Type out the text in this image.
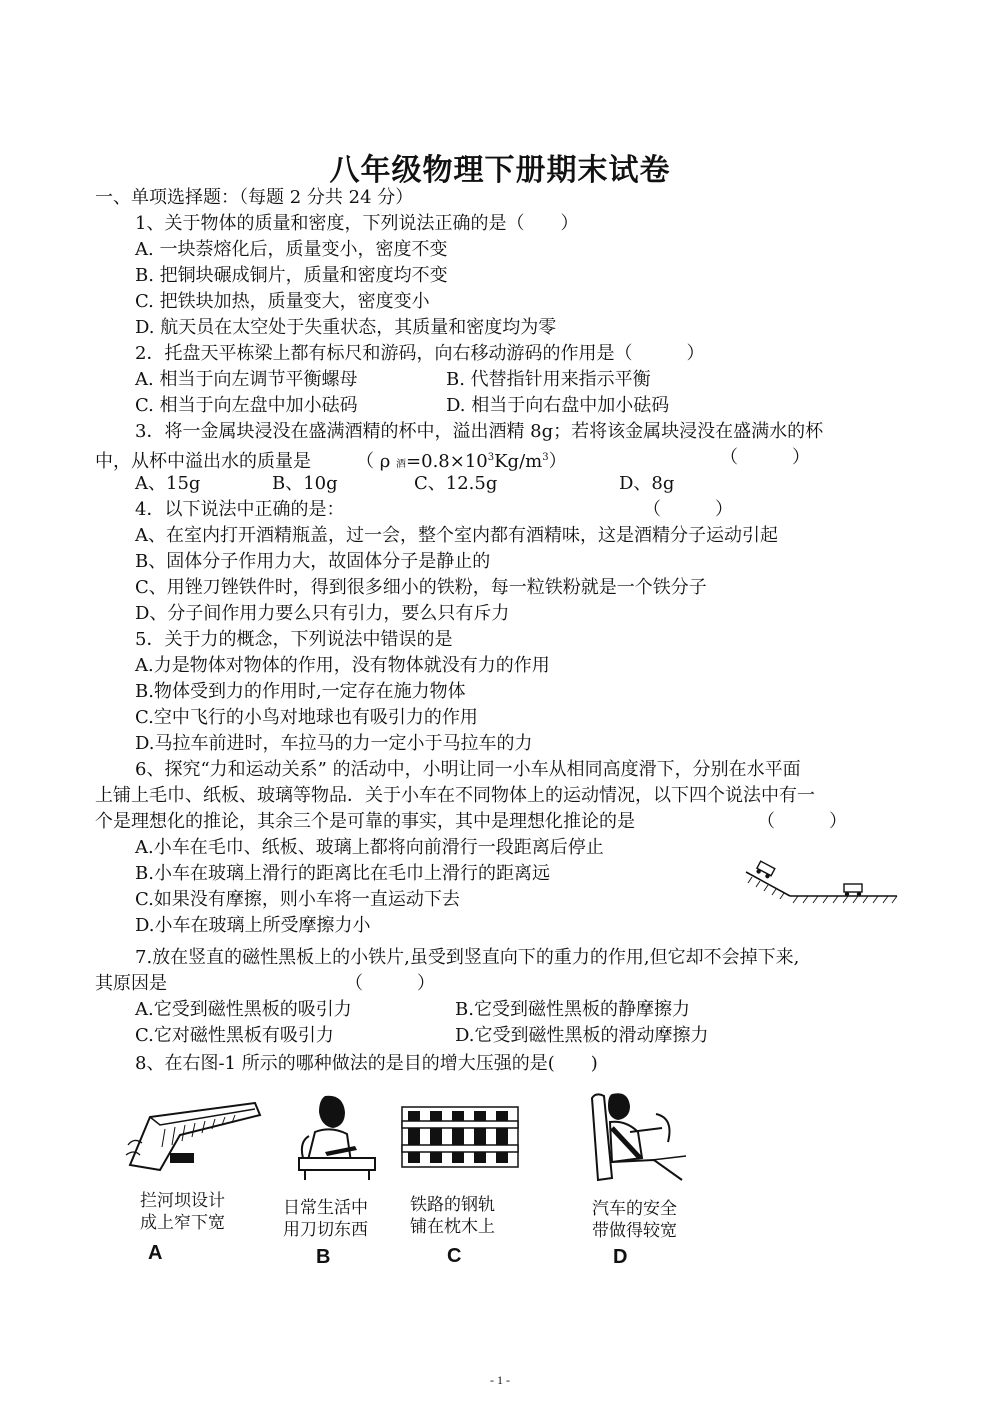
八年级物理下册期末试卷
一、单项选择题：（每题 2 分共 24 分）
1、关于物体的质量和密度，下列说法正确的是（　　）
A. 一块萘熔化后，质量变小，密度不变
B. 把铜块碾成铜片，质量和密度均不变
C. 把铁块加热，质量变大，密度变小
D. 航天员在太空处于失重状态，其质量和密度均为零
2．托盘天平栋梁上都有标尺和游码，向右移动游码的作用是（　　　）
A. 相当于向左调节平衡螺母	B. 代替指针用来指示平衡
C. 相当于向左盘中加小砝码	D. 相当于向右盘中加小砝码
3．将一金属块浸没在盛满酒精的杯中，溢出酒精 8g；若将该金属块浸没在盛满水的杯
中，从杯中溢出水的质量是　　　（ ρ 酒$=0.8\times 10^3Kg/m^3$）	（　　　）
A、15g	B、10g	C、12.5g	D、8g
4．以下说法中正确的是：	（　　　）
A、在室内打开酒精瓶盖，过一会，整个室内都有酒精味，这是酒精分子运动引起
B、固体分子作用力大，故固体分子是静止的
C、用锉刀锉铁件时，得到很多细小的铁粉，每一粒铁粉就是一个铁分子
D、分子间作用力要么只有引力，要么只有斥力
5．关于力的概念，下列说法中错误的是
A.力是物体对物体的作用，没有物体就没有力的作用
B.物体受到力的作用时,一定存在施力物体
C.空中飞行的小鸟对地球也有吸引力的作用
D.马拉车前进时，车拉马的力一定小于马拉车的力
6、探究“力和运动关系” 的活动中，小明让同一小车从相同高度滑下，分别在水平面
上铺上毛巾、纸板、玻璃等物品．关于小车在不同物体上的运动情况，以下四个说法中有一
个是理想化的推论，其余三个是可靠的事实，其中是理想化推论的是	（　　　）
A.小车在毛巾、纸板、玻璃上都将向前滑行一段距离后停止
B.小车在玻璃上滑行的距离比在毛巾上滑行的距离远
C.如果没有摩擦，则小车将一直运动下去
D.小车在玻璃上所受摩擦力小
7.放在竖直的磁性黑板上的小铁片,虽受到竖直向下的重力的作用,但它却不会掉下来,
其原因是	（　　　）
A.它受到磁性黑板的吸引力	B.它受到磁性黑板的静摩擦力
C.它对磁性黑板有吸引力	D.它受到磁性黑板的滑动摩擦力
8、在右图-1 所示的哪种做法的是目的增大压强的是(　　)
拦河坝设计
成上窄下宽
A
日常生活中
用刀切东西
B
铁路的钢轨
铺在枕木上
C
汽车的安全
带做得较宽
D
- 1 -
